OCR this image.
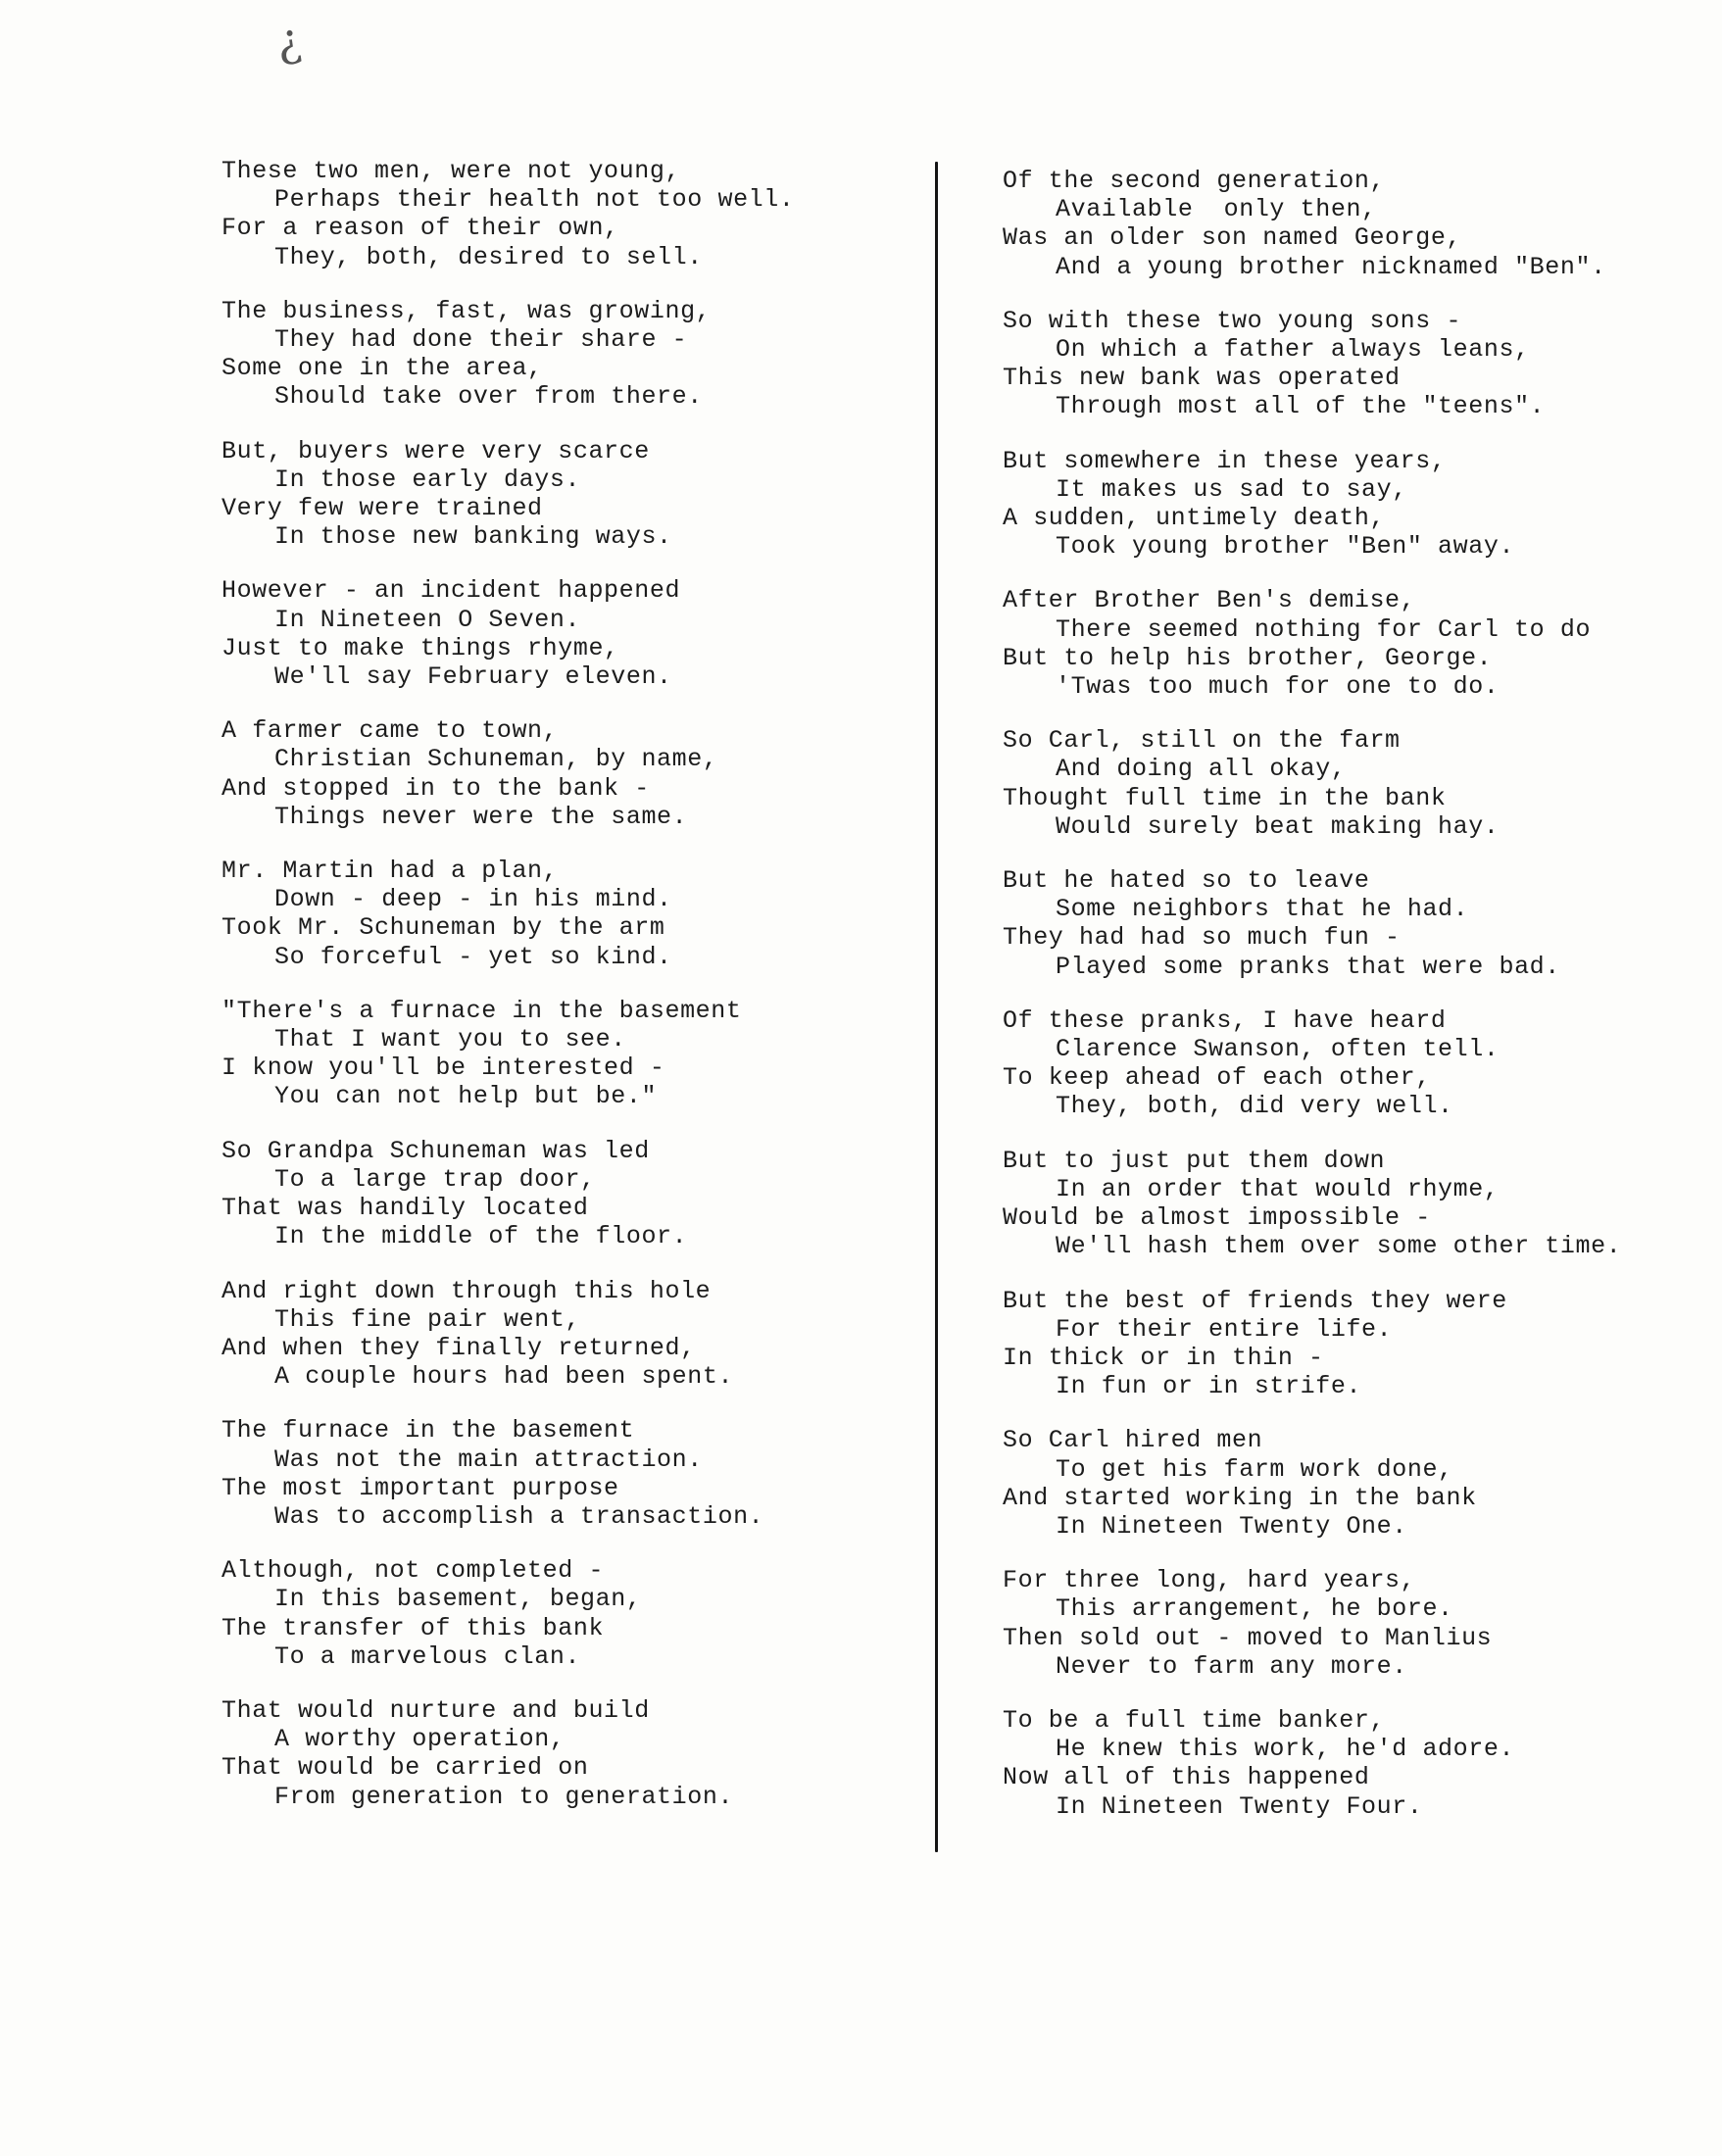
¿
These two men, were not young,
Perhaps their health not too well.
For a reason of their own,
They, both, desired to sell.
The business, fast, was growing,
They had done their share -
Some one in the area,
Should take over from there.
But, buyers were very scarce
In those early days.
Very few were trained
In those new banking ways.
However - an incident happened
In Nineteen O Seven.
Just to make things rhyme,
We'll say February eleven.
A farmer came to town,
Christian Schuneman, by name,
And stopped in to the bank -
Things never were the same.
Mr. Martin had a plan,
Down - deep - in his mind.
Took Mr. Schuneman by the arm
So forceful - yet so kind.
"There's a furnace in the basement
That I want you to see.
I know you'll be interested -
You can not help but be."
So Grandpa Schuneman was led
To a large trap door,
That was handily located
In the middle of the floor.
And right down through this hole
This fine pair went,
And when they finally returned,
A couple hours had been spent.
The furnace in the basement
Was not the main attraction.
The most important purpose
Was to accomplish a transaction.
Although, not completed -
In this basement, began,
The transfer of this bank
To a marvelous clan.
That would nurture and build
A worthy operation,
That would be carried on
From generation to generation.
Of the second generation,
Available  only then,
Was an older son named George,
And a young brother nicknamed "Ben".
So with these two young sons -
On which a father always leans,
This new bank was operated
Through most all of the "teens".
But somewhere in these years,
It makes us sad to say,
A sudden, untimely death,
Took young brother "Ben" away.
After Brother Ben's demise,
There seemed nothing for Carl to do
But to help his brother, George.
'Twas too much for one to do.
So Carl, still on the farm
And doing all okay,
Thought full time in the bank
Would surely beat making hay.
But he hated so to leave
Some neighbors that he had.
They had had so much fun -
Played some pranks that were bad.
Of these pranks, I have heard
Clarence Swanson, often tell.
To keep ahead of each other,
They, both, did very well.
But to just put them down
In an order that would rhyme,
Would be almost impossible -
We'll hash them over some other time.
But the best of friends they were
For their entire life.
In thick or in thin -
In fun or in strife.
So Carl hired men
To get his farm work done,
And started working in the bank
In Nineteen Twenty One.
For three long, hard years,
This arrangement, he bore.
Then sold out - moved to Manlius
Never to farm any more.
To be a full time banker,
He knew this work, he'd adore.
Now all of this happened
In Nineteen Twenty Four.
